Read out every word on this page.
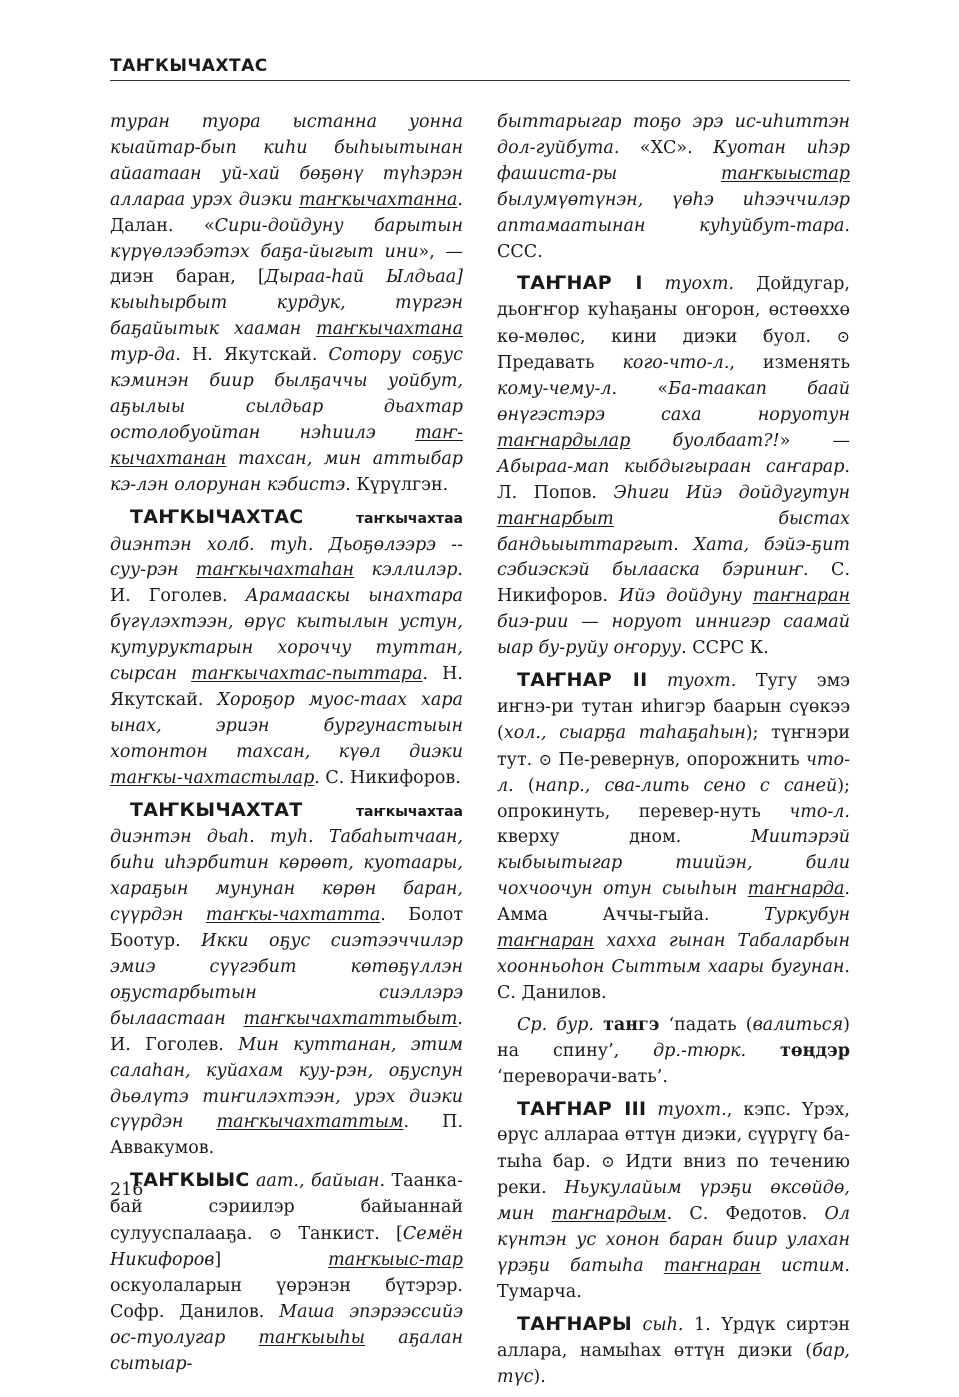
ТАҤКЫЧАХТАС

туран туора ыстанна уонна кыайтар-бып киһи быһыытынан айаатаан уй-хай бөҕөнү түһэрэн аллараа урэх диэки таҥкычахтанна. Далан. «Сири-дойдуну барытын күрүөлээбэтэх баҕа-йыгыт ини», — диэн баран, [Дыраа-һай Ылдьаа] кыыһырбыт курдук, түргэн баҕайытык хааман таҥкычахтана тур-да. Н. Якутскай. Сотору соҕус кэминэн биир былҕаччы уойбут, аҕылыы сылдьар дьахтар остолобуойтан нэһиилэ таҥ-кычахтанан тахсан, мин аттыбар кэ-лэн олорунан кэбистэ. Күрүлгэн.

ТАҤКЫЧАХТАС	таҥкычахтаа диэнтэн холб. туһ. Дьоҕөлээрэ -- суу-рэн таҥкычахтаһан кэллилэр. И. Гоголев. Арамааскы ынахтара бүгүлэхтээн, өрүс кытылын устун, кутуруктарын хороччу туттан, сырсан таҥкычахтас-пыттара. Н. Якутскай. Хороҕор муос-таах хара ынах, эриэн бургунастыын хотонтон тахсан, күөл диэки таҥкы-чахтастылар. С. Никифоров.

ТАҤКЫЧАХТАТ	таҥкычахтаа диэнтэн дьаһ. туһ. Табаһытчаан, биһи иһэрбитин көрөөт, куотаары, хараҕын мунунан көрөн баран, сүүрдэн таҥкы-чахтатта. Болот Боотур. Икки оҕус сиэтээччилэр эмиэ сүүгэбит көтөҕүллэн оҕустарбытын сиэллэрэ былаастаан таҥкычахтаттыбыт. И. Гоголев. Мин куттанан, этим салаһан, куйахам куу-рэн, оҕуспун дьөлүтэ тиҥилэхтээн, урэх диэки сүүрдэн таҥкычахтаттым. П. Аввакумов.

ТАҤКЫЫС аат., байыан. Таанка-бай сэриилэр байыаннай сулууспалааҕа. ⊙ Танкист. [Семён Никифоров] таҥкыыс-тар оскуолаларын үөрэнэн бүтэрэр. Софр. Данилов. Маша эпэрээссийэ ос-туолугар таҥкыыһы аҕалан сытыар-

быттарыгар тоҕо эрэ ис-иһиттэн дол-гуйбута. «ХС». Куотан иһэр фашиста-ры таҥкыыстар былумүөтүнэн, үөһэ иһээччилэр аптамаатынан куһуйбут-тара. ССС.

ТАҤНАР I туохт. Дойдугар, дьоҥҥор куһаҕаны оҥорон, өстөөххө кө-мөлөс, кини диэки буол. ⊙ Предавать кого-что-л., изменять кому-чему-л. «Ба-таакап баай өнүгэстэрэ саха норуотун таҥнардылар буолбаат?!» — Абыраа-мап кыбдыгыраан саҥарар. Л. Попов. Эһиги Ийэ дойдугутун таҥнарбыт быстах бандьыыттаргыт. Хата, бэйэ-ҕит сэбиэскэй былааска бэриниҥ. С. Никифоров. Ийэ дойдуну таҥнаран биэ-рии — норуот иннигэр саамай ыар бу-руйу оҥоруу. ССРС К.

ТАҤНАР II туохт. Тугу эмэ иҥнэ-ри тутан иһигэр баарын сүөкээ (хол., сыарҕа таһаҕаһын); түҥнэри тут. ⊙ Пе-ревернув, опорожнить что-л. (напр., сва-лить сено с саней); опрокинуть, перевер-нуть что-л. кверху дном. Миитэрэй кыбыытыгар тиийэн, били чохчоочун отун сыыһын таҥнарда. Амма Аччы-гыйа. Туркубун таҥнаран хахха гынан Табаларбын хоонньоһон Сыттым хаары бугунан. С. Данилов.

Ср. бур. тангэ ‘падать (валиться) на спину’, др.-тюрк. төңдэр ‘переворачи-вать’.

ТАҤНАР III туохт., кэпс. Үрэх, өрүс алларaa өттүн диэки, сүүрүгү ба-тыһа бар. ⊙ Идти вниз по течению реки. Ньукулайым үрэҕи өксөйдө, мин таҥнардым. С. Федотов. Ол күнтэн ус хонон баран биир улахан үрэҕи батыһа таҥнаран истим. Тумарча.

ТАҤНАРЫ сыһ. 1. Үрдүк сиртэн аллара, намыһах өттүн диэки (бар, түс).

216
